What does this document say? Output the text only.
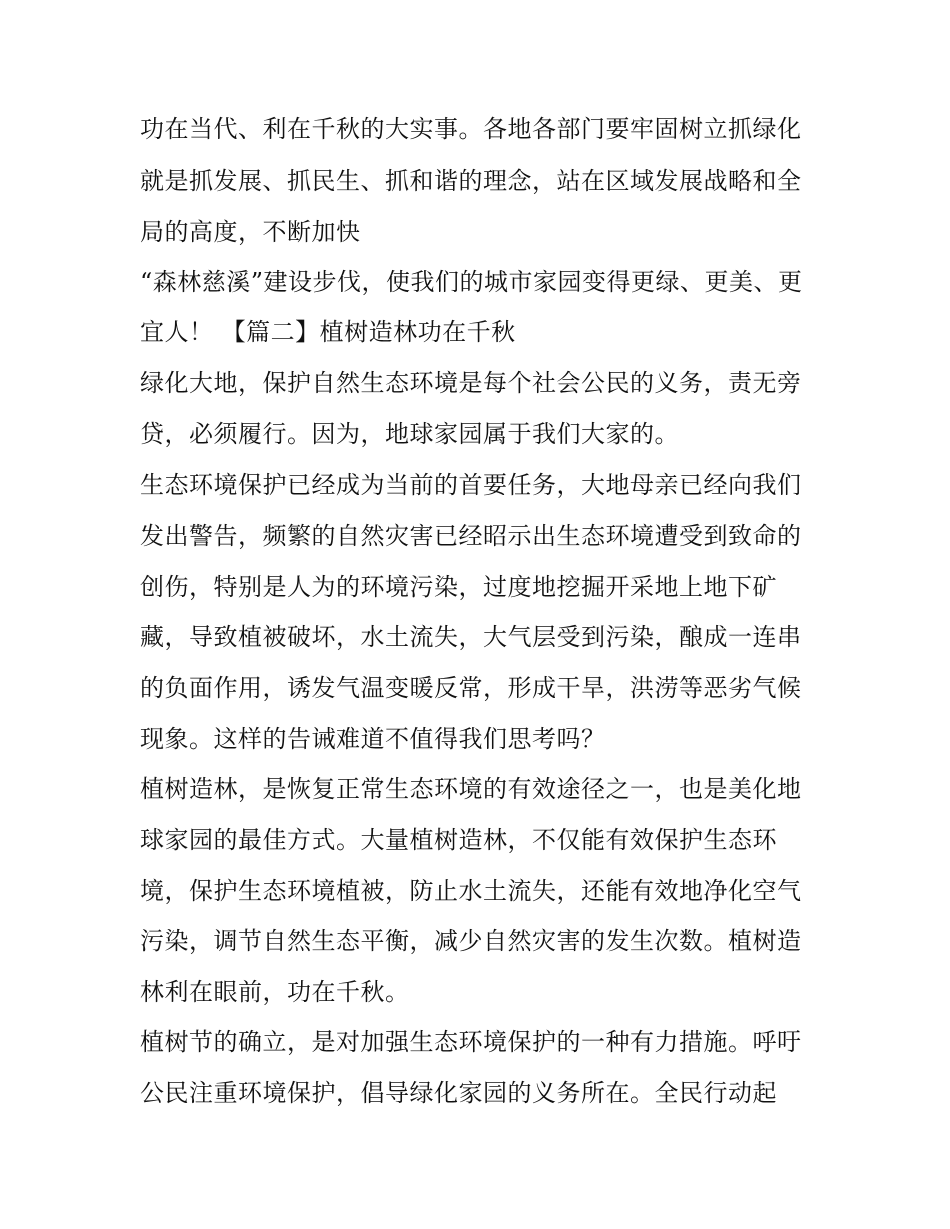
功在当代、利在千秋的大实事。各地各部门要牢固树立抓绿化
就是抓发展、抓民生、抓和谐的理念，站在区域发展战略和全
局的高度，不断加快
“森林慈溪”建设步伐，使我们的城市家园变得更绿、更美、更
宜人！ 【篇二】植树造林功在千秋
绿化大地，保护自然生态环境是每个社会公民的义务，责无旁
贷，必须履行。因为，地球家园属于我们大家的。
生态环境保护已经成为当前的首要任务，大地母亲已经向我们
发出警告，频繁的自然灾害已经昭示出生态环境遭受到致命的
创伤，特别是人为的环境污染，过度地挖掘开采地上地下矿
藏，导致植被破坏，水土流失，大气层受到污染，酿成一连串
的负面作用，诱发气温变暖反常，形成干旱，洪涝等恶劣气候
现象。这样的告诫难道不值得我们思考吗？
植树造林，是恢复正常生态环境的有效途径之一，也是美化地
球家园的最佳方式。大量植树造林，不仅能有效保护生态环
境，保护生态环境植被，防止水土流失，还能有效地净化空气
污染，调节自然生态平衡，减少自然灾害的发生次数。植树造
林利在眼前，功在千秋。
植树节的确立，是对加强生态环境保护的一种有力措施。呼吁
公民注重环境保护，倡导绿化家园的义务所在。全民行动起
